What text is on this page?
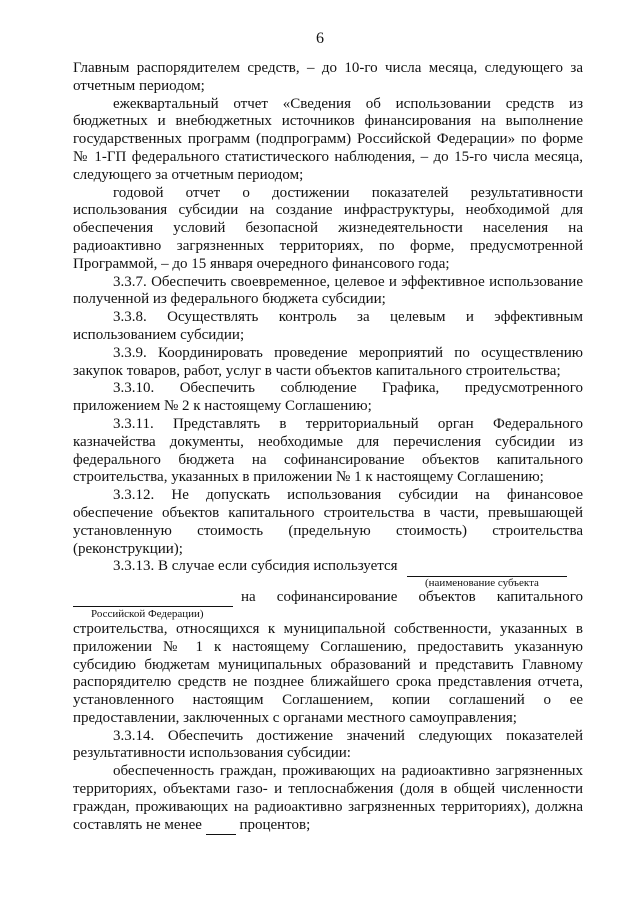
6

Главным распорядителем средств, – до 10-го числа месяца, следующего за отчетным периодом;

ежеквартальный отчет «Сведения об использовании средств из бюджетных и внебюджетных источников финансирования на выполнение государственных программ (подпрограмм) Российской Федерации» по форме № 1-ГП федерального статистического наблюдения, – до 15-го числа месяца, следующего за отчетным периодом;

годовой отчет о достижении показателей результативности использования субсидии на создание инфраструктуры, необходимой для обеспечения условий безопасной жизнедеятельности населения на радиоактивно загрязненных территориях, по форме, предусмотренной Программой, – до 15 января очередного финансового года;

3.3.7. Обеспечить своевременное, целевое и эффективное использование полученной из федерального бюджета субсидии;

3.3.8. Осуществлять контроль за целевым и эффективным использованием субсидии;

3.3.9. Координировать проведение мероприятий по осуществлению закупок товаров, работ, услуг в части объектов капитального строительства;

3.3.10. Обеспечить соблюдение Графика, предусмотренного приложением № 2 к настоящему Соглашению;

3.3.11. Представлять в территориальный орган Федерального казначейства документы, необходимые для перечисления субсидии из федерального бюджета на софинансирование объектов капитального строительства, указанных в приложении № 1 к настоящему Соглашению;

3.3.12. Не допускать использования субсидии на финансовое обеспечение объектов капитального строительства в части, превышающей установленную стоимость (предельную стоимость) строительства (реконструкции);

3.3.13. В случае если субсидия используется

(наименование субъекта
на софинансирование объектов капитального
Российской Федерации)

строительства, относящихся к муниципальной собственности, указанных в приложении № 1 к настоящему Соглашению, предоставить указанную субсидию бюджетам муниципальных образований и представить Главному распорядителю средств не позднее ближайшего срока представления отчета, установленного настоящим Соглашением, копии соглашений о ее предоставлении, заключенных с органами местного самоуправления;

3.3.14. Обеспечить достижение значений следующих показателей результативности использования субсидии:

обеспеченность граждан, проживающих на радиоактивно загрязненных территориях, объектами газо- и теплоснабжения (доля в общей численности граждан, проживающих на радиоактивно загрязненных территориях), должна составлять не менее	процентов;
